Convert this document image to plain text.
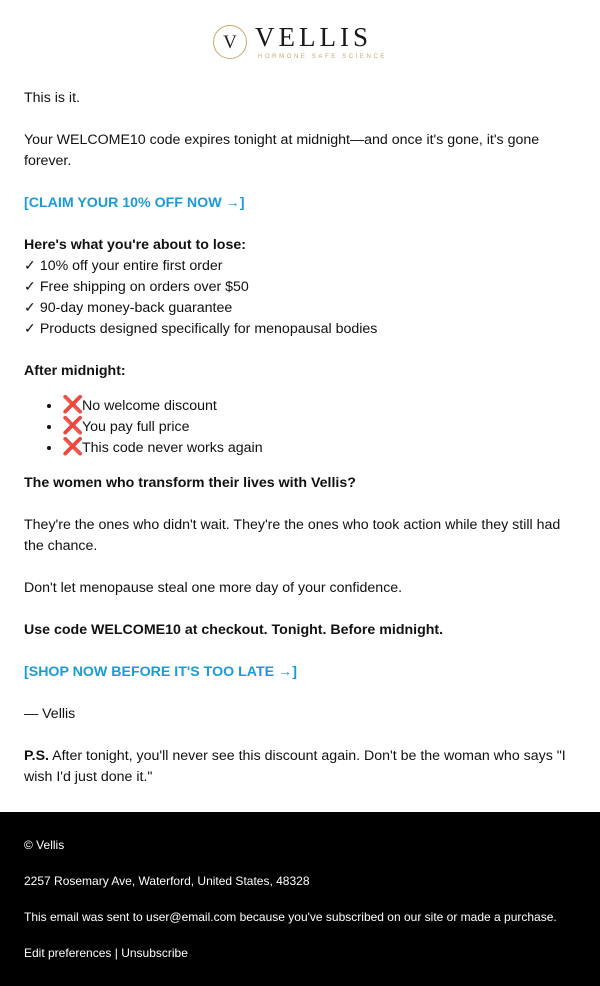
V VELLIS
HORMONE SAFE SCIENCE

This is it.

Your WELCOME10 code expires tonight at midnight—and once it's gone, it's gone forever.

[CLAIM YOUR 10% OFF NOW →]

Here's what you're about to lose:

✓ 10% off your entire first order
✓ Free shipping on orders over $50
✓ 90-day money-back guarantee
✓ Products designed specifically for menopausal bodies

After midnight:

• ❌No welcome discount
• ❌You pay full price
• ❌This code never works again

The women who transform their lives with Vellis?

They're the ones who didn't wait. They're the ones who took action while they still had the chance.

Don't let menopause steal one more day of your confidence.

Use code WELCOME10 at checkout. Tonight. Before midnight.

[SHOP NOW BEFORE IT'S TOO LATE →]

— Vellis

P.S. After tonight, you'll never see this discount again. Don't be the woman who says "I wish I'd just done it."

© Vellis
2257 Rosemary Ave, Waterford, United States, 48328
This email was sent to user@email.com because you've subscribed on our site or made a purchase.
Edit preferences | Unsubscribe
